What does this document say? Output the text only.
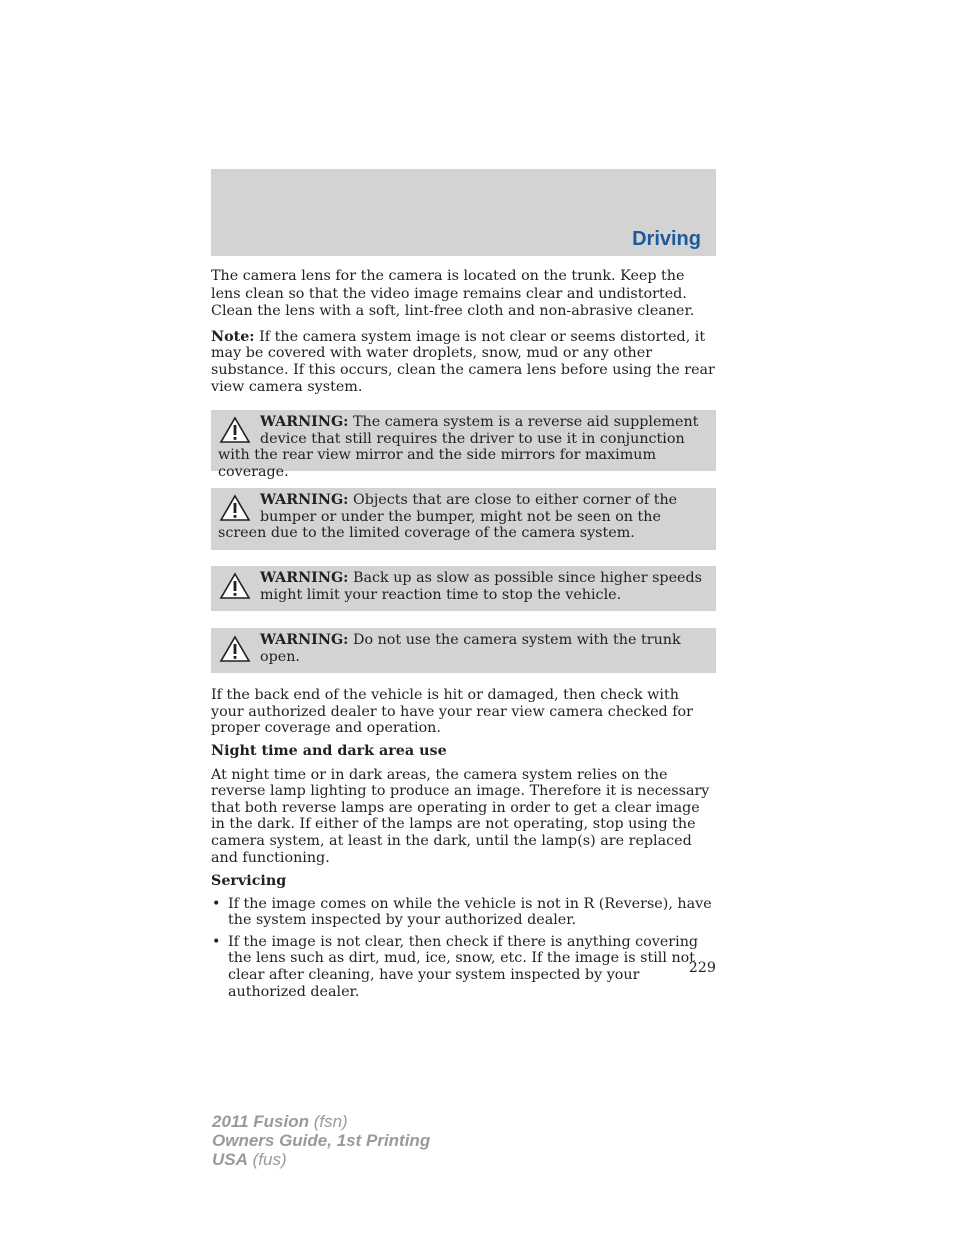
Driving

The camera lens for the camera is located on the trunk. Keep the lens clean so that the video image remains clear and undistorted. Clean the lens with a soft, lint-free cloth and non-abrasive cleaner.

Note: If the camera system image is not clear or seems distorted, it may be covered with water droplets, snow, mud or any other substance. If this occurs, clean the camera lens before using the rear view camera system.

WARNING: The camera system is a reverse aid supplement device that still requires the driver to use it in conjunction with the rear view mirror and the side mirrors for maximum coverage.
WARNING: Objects that are close to either corner of the bumper or under the bumper, might not be seen on the screen due to the limited coverage of the camera system.
WARNING: Back up as slow as possible since higher speeds might limit your reaction time to stop the vehicle.
WARNING: Do not use the camera system with the trunk open.

If the back end of the vehicle is hit or damaged, then check with your authorized dealer to have your rear view camera checked for proper coverage and operation.

Night time and dark area use

At night time or in dark areas, the camera system relies on the reverse lamp lighting to produce an image. Therefore it is necessary that both reverse lamps are operating in order to get a clear image in the dark. If either of the lamps are not operating, stop using the camera system, at least in the dark, until the lamp(s) are replaced and functioning.

Servicing

• If the image comes on while the vehicle is not in R (Reverse), have the system inspected by your authorized dealer.
• If the image is not clear, then check if there is anything covering the lens such as dirt, mud, ice, snow, etc. If the image is still not clear after cleaning, have your system inspected by your authorized dealer.
229
2011 Fusion (fsn)
Owners Guide, 1st Printing
USA (fus)
